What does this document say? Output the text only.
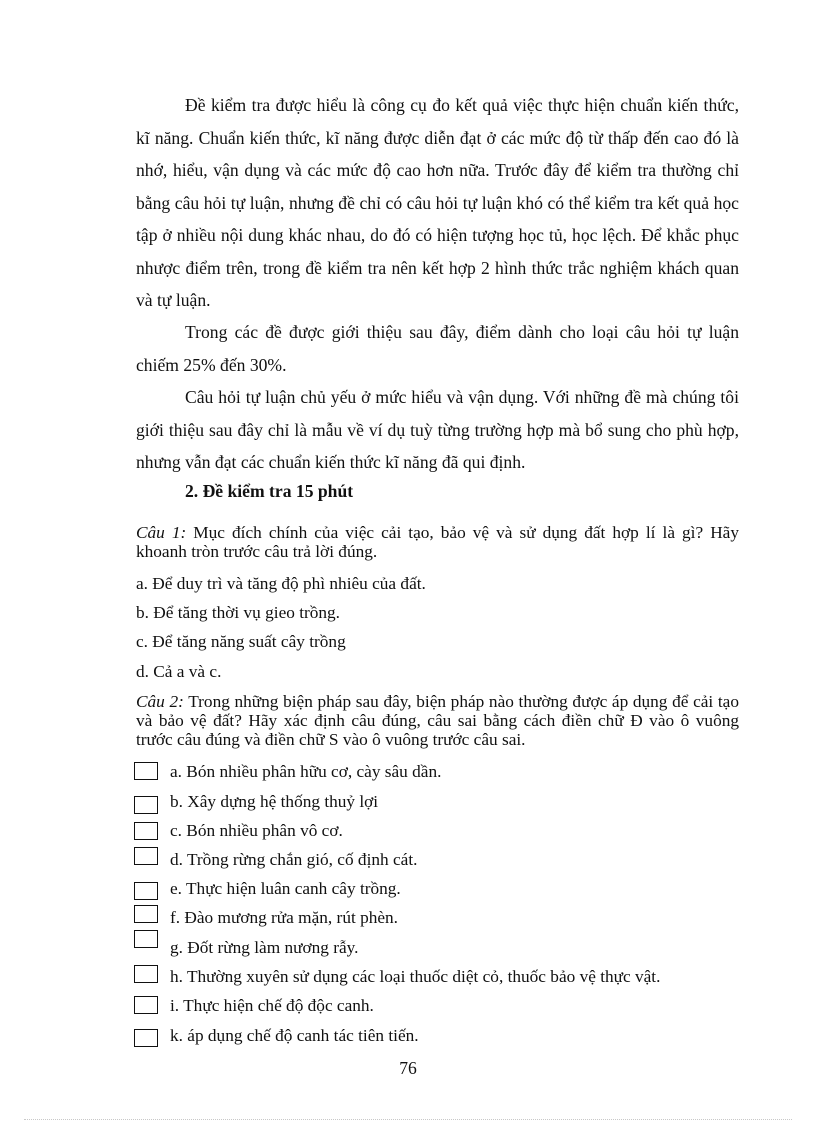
Đề kiểm tra được hiểu là công cụ đo kết quả việc thực hiện chuẩn kiến thức, kĩ năng. Chuẩn kiến thức, kĩ năng được diễn đạt ở các mức độ từ thấp đến cao đó là nhớ, hiểu, vận dụng và các mức độ cao hơn nữa. Trước đây để kiểm tra thường chỉ bằng câu hỏi tự luận, nhưng đề chỉ có câu hỏi tự luận khó có thể kiểm tra kết quả học tập ở nhiều nội dung khác nhau, do đó có hiện tượng học tủ, học lệch. Để khắc phục nhược điểm trên, trong đề kiểm tra nên kết hợp 2 hình thức trắc nghiệm khách quan và tự luận.

Trong các đề được giới thiệu sau đây, điểm dành cho loại câu hỏi tự luận chiếm 25% đến 30%.

Câu hỏi tự luận chủ yếu ở mức hiểu và vận dụng. Với những đề mà chúng tôi giới thiệu sau đây chỉ là mẫu về ví dụ tuỳ từng trường hợp mà bổ sung cho phù hợp, nhưng vẫn đạt các chuẩn kiến thức kĩ năng đã qui định.

2. Đề kiểm tra 15 phút

Câu 1: Mục đích chính của việc cải tạo, bảo vệ và sử dụng đất hợp lí là gì? Hãy khoanh tròn trước câu trả lời đúng.

a. Để duy trì và tăng độ phì nhiêu của đất.

b. Để tăng thời vụ gieo trồng.

c. Để tăng năng suất cây trồng

d. Cả a và c.

Câu 2: Trong những biện pháp sau đây, biện pháp nào thường được áp dụng để cải tạo và bảo vệ đất? Hãy xác định câu đúng, câu sai bằng cách điền chữ Đ vào ô vuông trước câu đúng và điền chữ S vào ô vuông trước câu sai.

a. Bón nhiều phân hữu cơ, cày sâu dần.
b. Xây dựng hệ thống thuỷ lợi
c. Bón nhiều phân vô cơ.
d. Trồng rừng chắn gió, cố định cát.
e. Thực hiện luân canh cây trồng.
f. Đào mương rửa mặn, rút phèn.
g. Đốt rừng làm nương rẫy.
h. Thường xuyên sử dụng các loại thuốc diệt cỏ, thuốc bảo vệ thực vật.
i. Thực hiện chế độ độc canh.
k. áp dụng chế độ canh tác tiên tiến.
76
